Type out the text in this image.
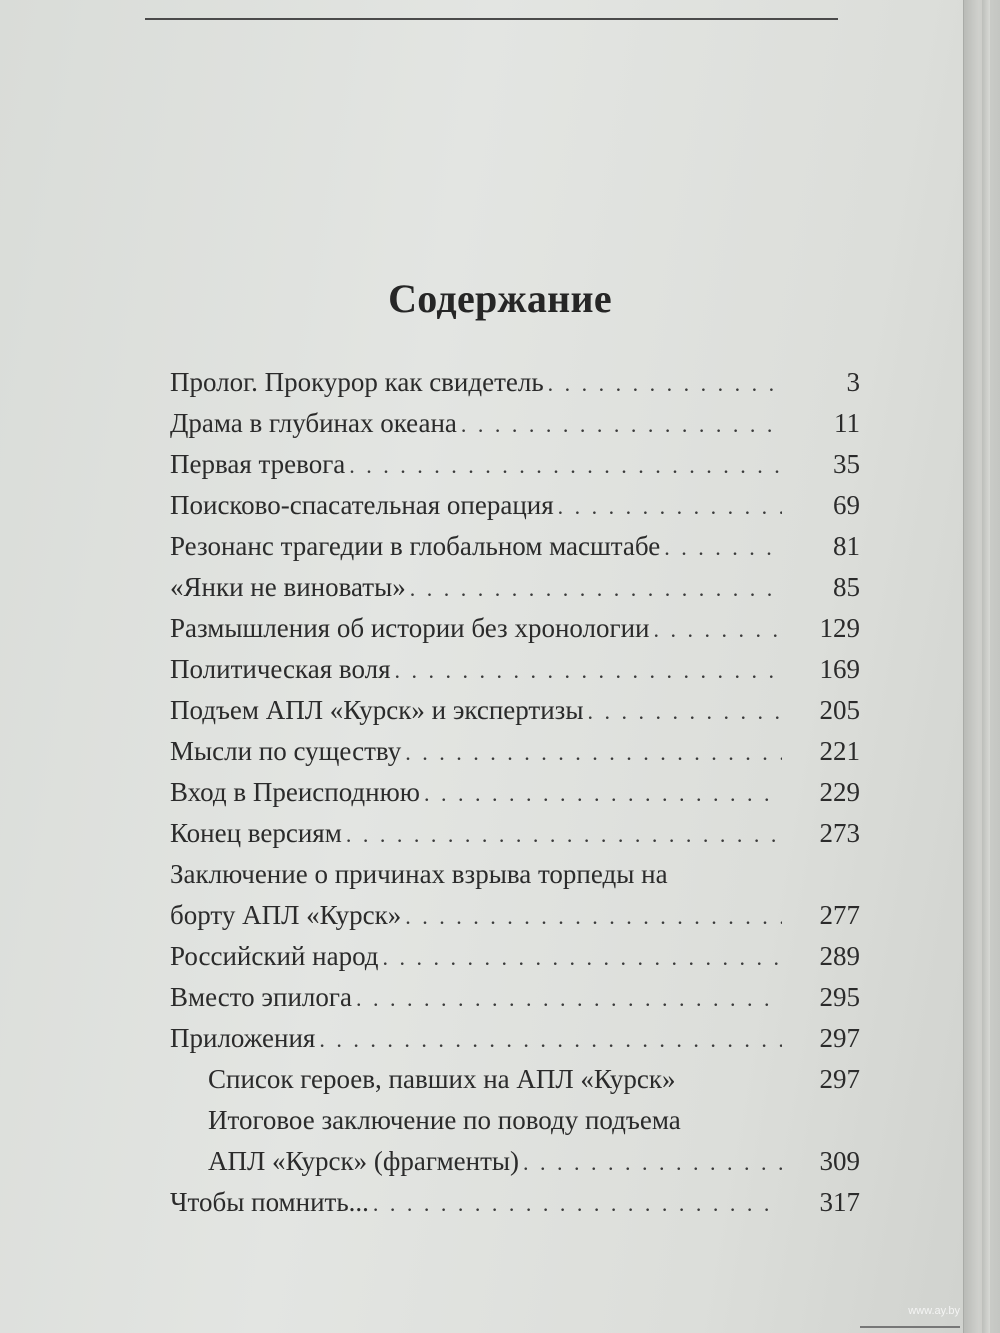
Содержание
Пролог. Прокурор как свидетель . . .	3
Драма в глубинах океана . . .	11
Первая тревога . . .	35
Поисково-спасательная операция . . .	69
Резонанс трагедии в глобальном масштабе . . .	81
«Янки не виноваты» . . .	85
Размышления об истории без хронологии . . .	129
Политическая воля . . .	169
Подъем АПЛ «Курск» и экспертизы . . .	205
Мысли по существу . . .	221
Вход в Преисподнюю . . .	229
Конец версиям . . .	273
Заключение о причинах взрыва торпеды на
борту АПЛ «Курск» . . .	277
Российский народ . . .	289
Вместо эпилога . . .	295
Приложения . . .	297
Список героев, павших на АПЛ «Курск»	297
Итоговое заключение по поводу подъема
АПЛ «Курск» (фрагменты) . . .	309
Чтобы помнить... . . .	317
www.ay.by
